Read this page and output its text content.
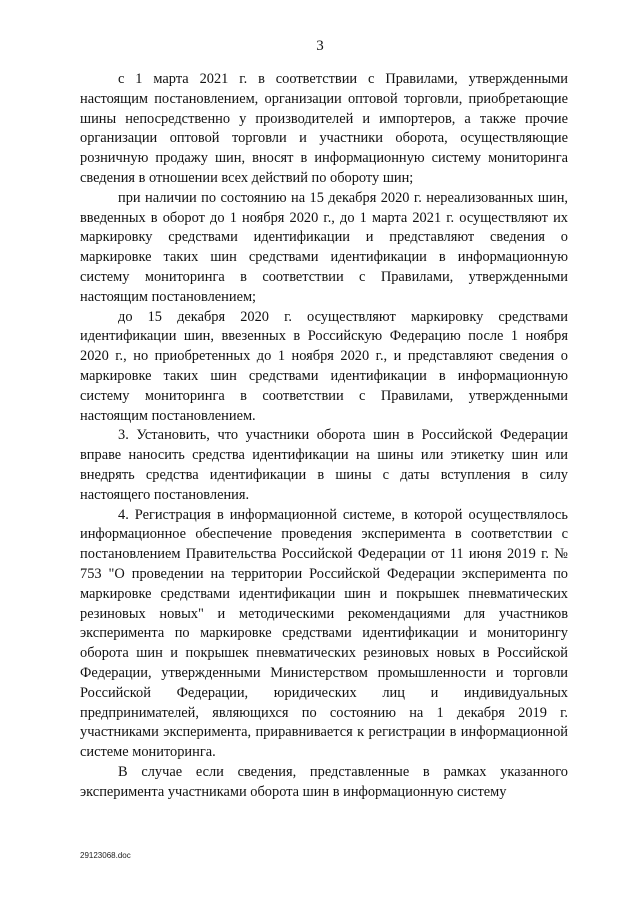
3

с 1 марта 2021 г. в соответствии с Правилами, утвержденными настоящим постановлением, организации оптовой торговли, приобретающие шины непосредственно у производителей и импортеров, а также прочие организации оптовой торговли и участники оборота, осуществляющие розничную продажу шин, вносят в информационную систему мониторинга сведения в отношении всех действий по обороту шин;

при наличии по состоянию на 15 декабря 2020 г. нереализованных шин, введенных в оборот до 1 ноября 2020 г., до 1 марта 2021 г. осуществляют их маркировку средствами идентификации и представляют сведения о маркировке таких шин средствами идентификации в информационную систему мониторинга в соответствии с Правилами, утвержденными настоящим постановлением;

до 15 декабря 2020 г. осуществляют маркировку средствами идентификации шин, ввезенных в Российскую Федерацию после 1 ноября 2020 г., но приобретенных до 1 ноября 2020 г., и представляют сведения о маркировке таких шин средствами идентификации в информационную систему мониторинга в соответствии с Правилами, утвержденными настоящим постановлением.

3. Установить, что участники оборота шин в Российской Федерации вправе наносить средства идентификации на шины или этикетку шин или внедрять средства идентификации в шины с даты вступления в силу настоящего постановления.

4. Регистрация в информационной системе, в которой осуществлялось информационное обеспечение проведения эксперимента в соответствии с постановлением Правительства Российской Федерации от 11 июня 2019 г. № 753 "О проведении на территории Российской Федерации эксперимента по маркировке средствами идентификации шин и покрышек пневматических резиновых новых" и методическими рекомендациями для участников эксперимента по маркировке средствами идентификации и мониторингу оборота шин и покрышек пневматических резиновых новых в Российской Федерации, утвержденными Министерством промышленности и торговли Российской Федерации, юридических лиц и индивидуальных предпринимателей, являющихся по состоянию на 1 декабря 2019 г. участниками эксперимента, приравнивается к регистрации в информационной системе мониторинга.

В случае если сведения, представленные в рамках указанного эксперимента участниками оборота шин в информационную систему

29123068.doc
